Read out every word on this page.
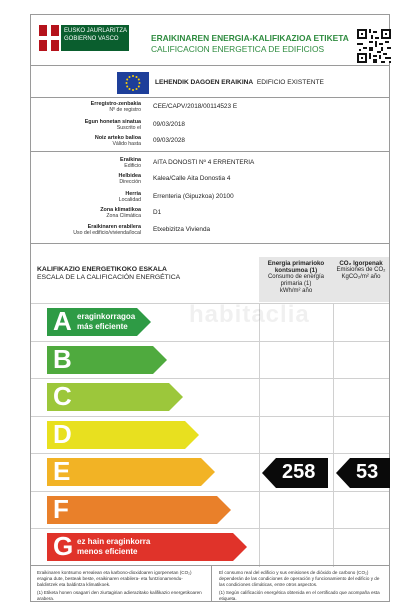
EUSKO JAURLARITZA
GOBIERNO VASCO	ERAIKINAREN ENERGIA-KALIFIKAZIOA ETIKETA
CALIFICACION ENERGETICA DE EDIFICIOS
LEHENDIK DAGOEN ERAIKINA EDIFICIO EXISTENTE
Erregistro-zenbakia
Nº de registro CEE/CAPV/2018/00114523 E
Egun honetan sinatua
Suscrito el 09/03/2018
Noiz arteko balioa
Válido hasta 09/03/2028
Eraikina
Edificio AITA DONOSTI Nº 4 ERRENTERIA
Helbidea
Dirección Kalea/Calle Aita Donostia 4
Herria
Localidad Errenteria (Gipuzkoa) 20100
Zona klimatikoa
Zona Climática D1
Eraikinaren erabilera
Uso del edificio/vivienda/local Etxebizitza Vivienda
KALIFIKAZIO ENERGETIKOKO ESKALA
ESCALA DE LA CALIFICACIÓN ENERGÉTICA
Energia primarioko kontsumoa (1)
Consumo de energía primaria (1)
kWh/m² año
CO₂ Igorpenak
Emisiones de CO₂
KgCO₂/m² año
A eraginkorragoa
más eficiente
B
C
D
E	258 53
F
G ez hain eraginkorra
menos eficiente
habitaclia
Eraikinaren kontsumo errealean eta karbono-dioxidoaren igorpenetan (CO₂) eragina dute, besteak beste, eraikinaren erabilera- eta funtzionamendu-baldintzek eta baldintza klimatikoek.
(1) Etiketa honen osagarri den ziurtagirian adierazitako kalifikazio energetikoaren arabera.
El consumo real del edificio y sus emisiones de dióxido de carbono (CO₂) dependerán de las condiciones de operación y funcionamiento del edificio y de las condiciones climáticas, entre otros aspectos.
(1) Según calificación energética obtenida en el certificado que acompaña esta etiqueta.
